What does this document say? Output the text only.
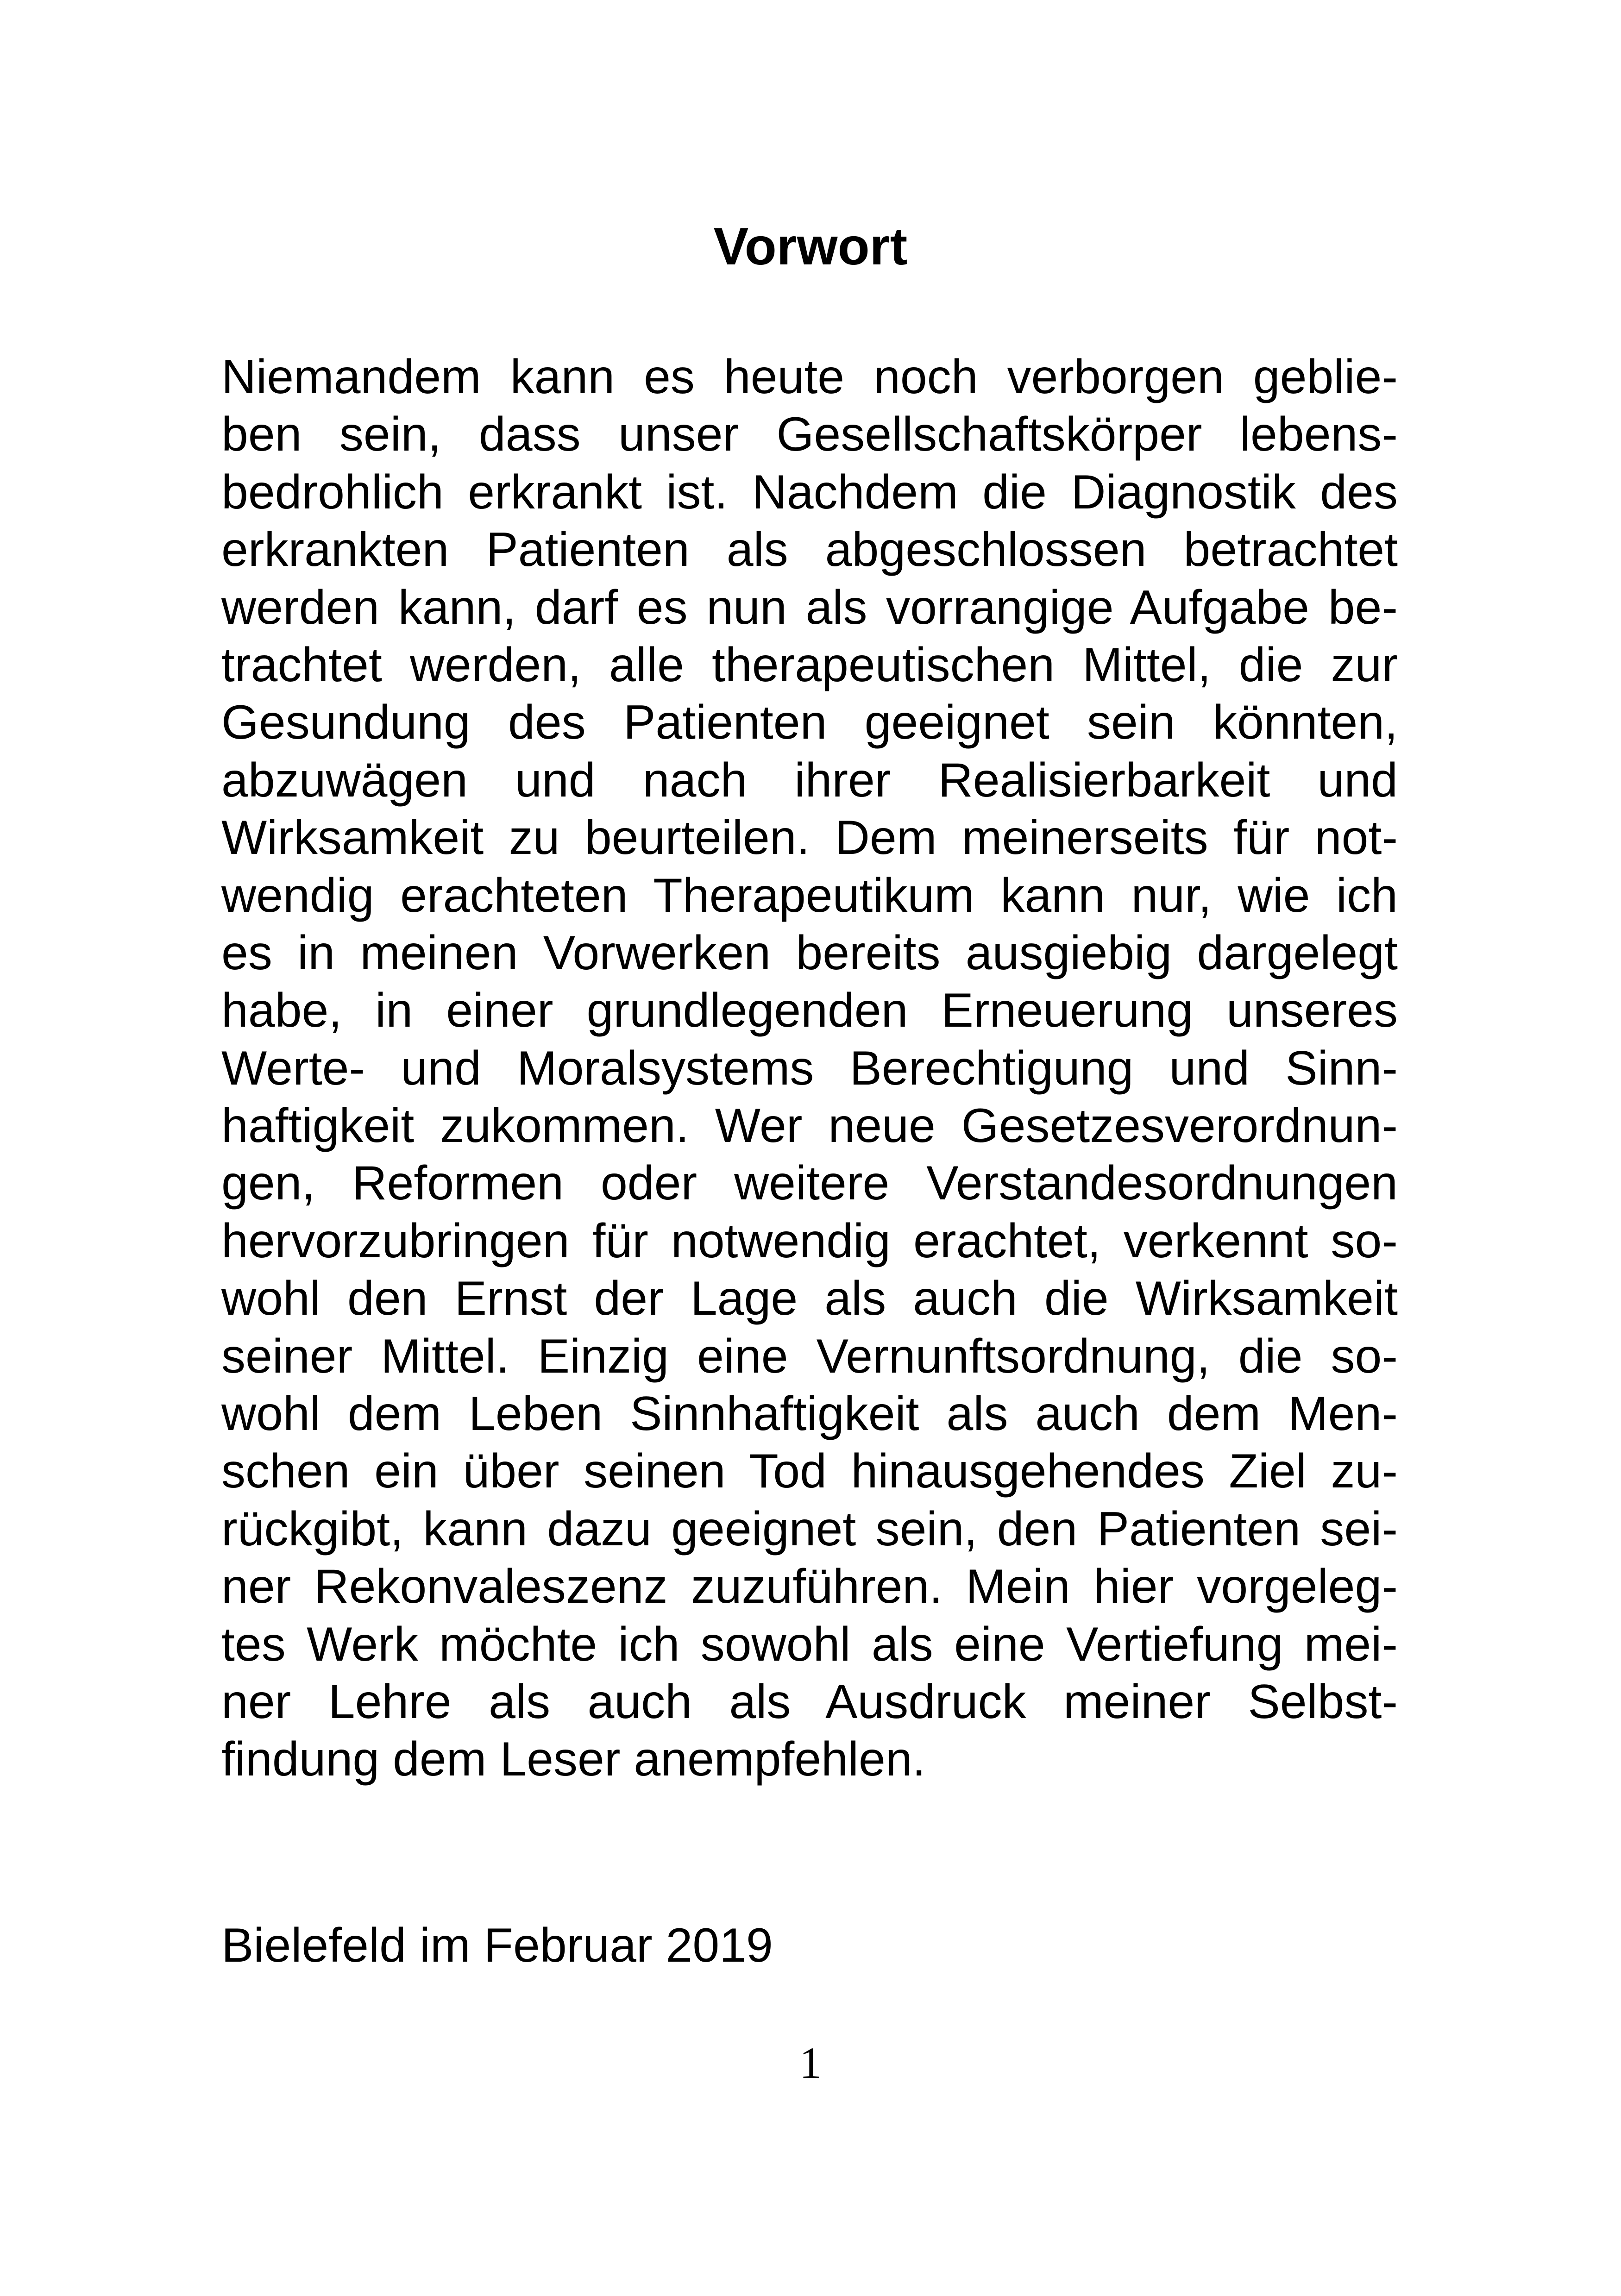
Vorwort
Niemandem kann es heute noch verborgen geblie-
ben sein, dass unser Gesellschaftskörper lebens-
bedrohlich erkrankt ist. Nachdem die Diagnostik des
erkrankten Patienten als abgeschlossen betrachtet
werden kann, darf es nun als vorrangige Aufgabe be-
trachtet werden, alle therapeutischen Mittel, die zur
Gesundung des Patienten geeignet sein könnten,
abzuwägen und nach ihrer Realisierbarkeit und
Wirksamkeit zu beurteilen. Dem meinerseits für not-
wendig erachteten Therapeutikum kann nur, wie ich
es in meinen Vorwerken bereits ausgiebig dargelegt
habe, in einer grundlegenden Erneuerung unseres
Werte- und Moralsystems Berechtigung und Sinn-
haftigkeit zukommen. Wer neue Gesetzesverordnun-
gen, Reformen oder weitere Verstandesordnungen
hervorzubringen für notwendig erachtet, verkennt so-
wohl den Ernst der Lage als auch die Wirksamkeit
seiner Mittel. Einzig eine Vernunftsordnung, die so-
wohl dem Leben Sinnhaftigkeit als auch dem Men-
schen ein über seinen Tod hinausgehendes Ziel zu-
rückgibt, kann dazu geeignet sein, den Patienten sei-
ner Rekonvaleszenz zuzuführen. Mein hier vorgeleg-
tes Werk möchte ich sowohl als eine Vertiefung mei-
ner Lehre als auch als Ausdruck meiner Selbst-
findung dem Leser anempfehlen.
Bielefeld im Februar 2019
1
